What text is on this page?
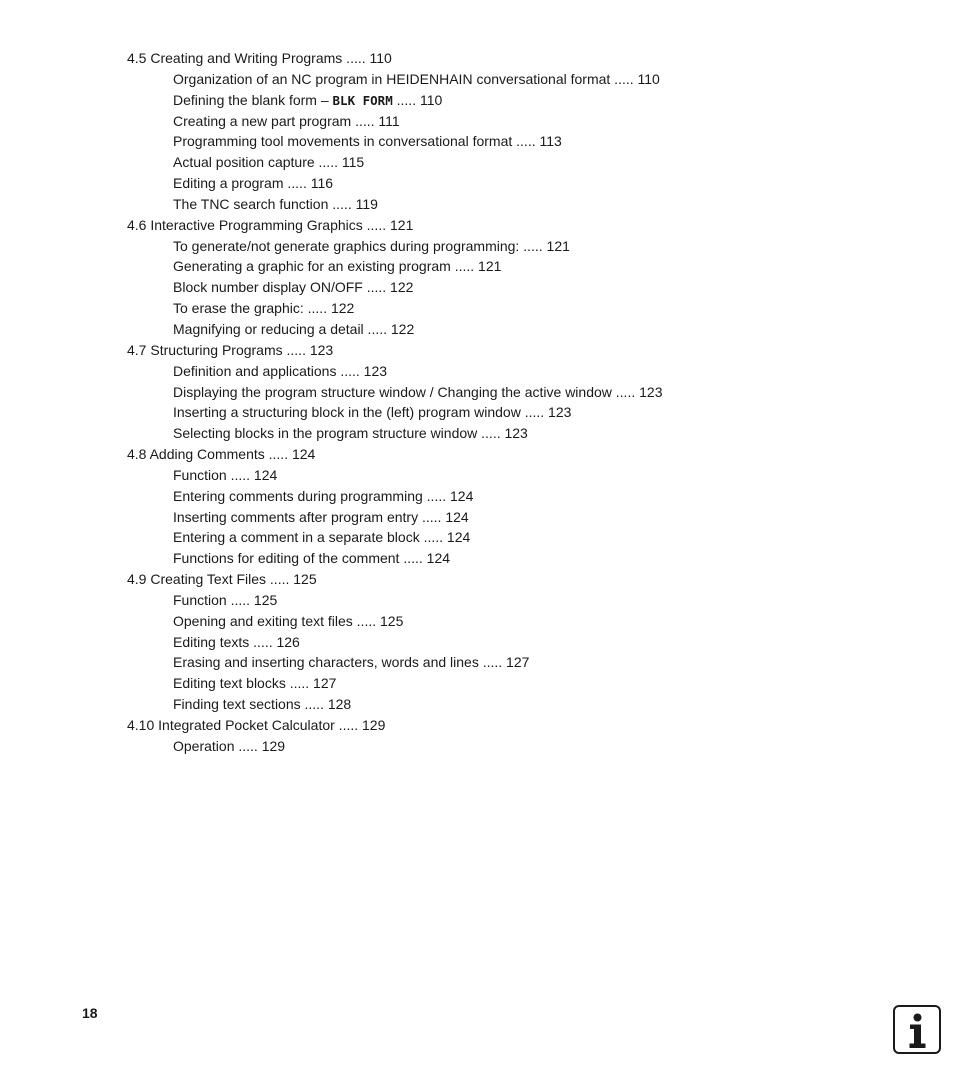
4.5 Creating and Writing Programs ..... 110
Organization of an NC program in HEIDENHAIN conversational format ..... 110
Defining the blank form – BLK FORM ..... 110
Creating a new part program ..... 111
Programming tool movements in conversational format ..... 113
Actual position capture ..... 115
Editing a program ..... 116
The TNC search function ..... 119
4.6 Interactive Programming Graphics ..... 121
To generate/not generate graphics during programming: ..... 121
Generating a graphic for an existing program ..... 121
Block number display ON/OFF ..... 122
To erase the graphic: ..... 122
Magnifying or reducing a detail ..... 122
4.7 Structuring Programs ..... 123
Definition and applications ..... 123
Displaying the program structure window / Changing the active window ..... 123
Inserting a structuring block in the (left) program window ..... 123
Selecting blocks in the program structure window ..... 123
4.8 Adding Comments ..... 124
Function ..... 124
Entering comments during programming ..... 124
Inserting comments after program entry ..... 124
Entering a comment in a separate block ..... 124
Functions for editing of the comment ..... 124
4.9 Creating Text Files ..... 125
Function ..... 125
Opening and exiting text files ..... 125
Editing texts ..... 126
Erasing and inserting characters, words and lines ..... 127
Editing text blocks ..... 127
Finding text sections ..... 128
4.10 Integrated Pocket Calculator ..... 129
Operation ..... 129
18
